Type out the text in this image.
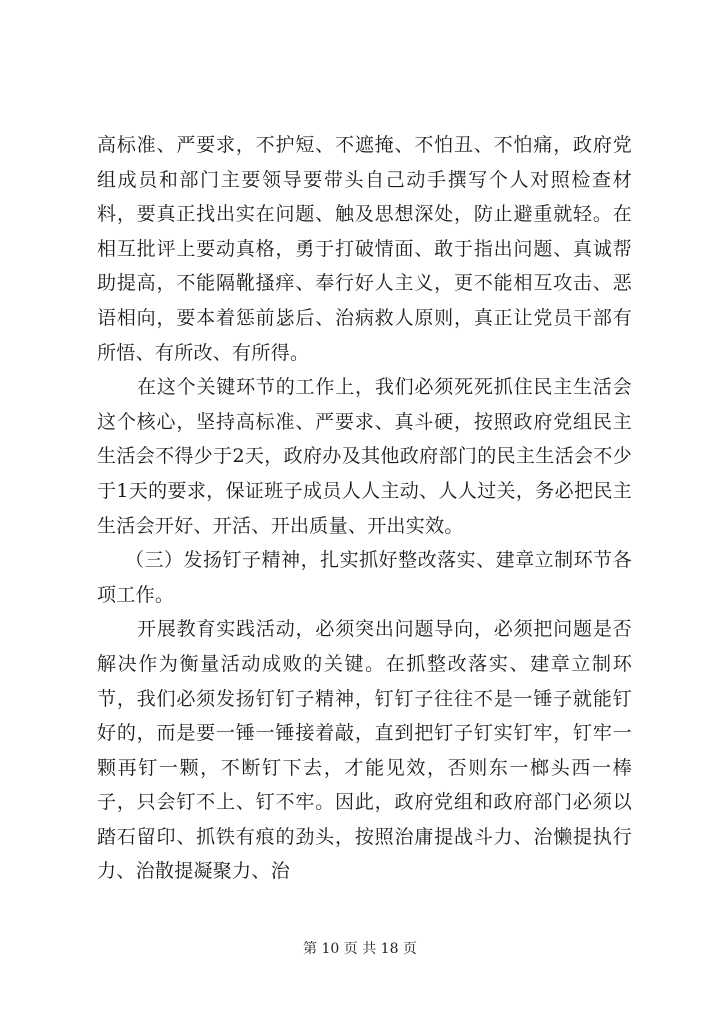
高标准、严要求，不护短、不遮掩、不怕丑、不怕痛，政府党组成员和部门主要领导要带头自己动手撰写个人对照检查材料，要真正找出实在问题、触及思想深处，防止避重就轻。在相互批评上要动真格，勇于打破情面、敢于指出问题、真诚帮助提高，不能隔靴搔痒、奉行好人主义，更不能相互攻击、恶语相向，要本着惩前毖后、治病救人原则，真正让党员干部有所悟、有所改、有所得。

在这个关键环节的工作上，我们必须死死抓住民主生活会这个核心，坚持高标准、严要求、真斗硬，按照政府党组民主生活会不得少于2天，政府办及其他政府部门的民主生活会不少于1天的要求，保证班子成员人人主动、人人过关，务必把民主生活会开好、开活、开出质量、开出实效。

（三）发扬钉子精神，扎实抓好整改落实、建章立制环节各项工作。

开展教育实践活动，必须突出问题导向，必须把问题是否解决作为衡量活动成败的关键。在抓整改落实、建章立制环节，我们必须发扬钉钉子精神，钉钉子往往不是一锤子就能钉好的，而是要一锤一锤接着敲，直到把钉子钉实钉牢，钉牢一颗再钉一颗，不断钉下去，才能见效，否则东一榔头西一棒子，只会钉不上、钉不牢。因此，政府党组和政府部门必须以踏石留印、抓铁有痕的劲头，按照治庸提战斗力、治懒提执行力、治散提凝聚力、治

第 10 页 共 18 页
